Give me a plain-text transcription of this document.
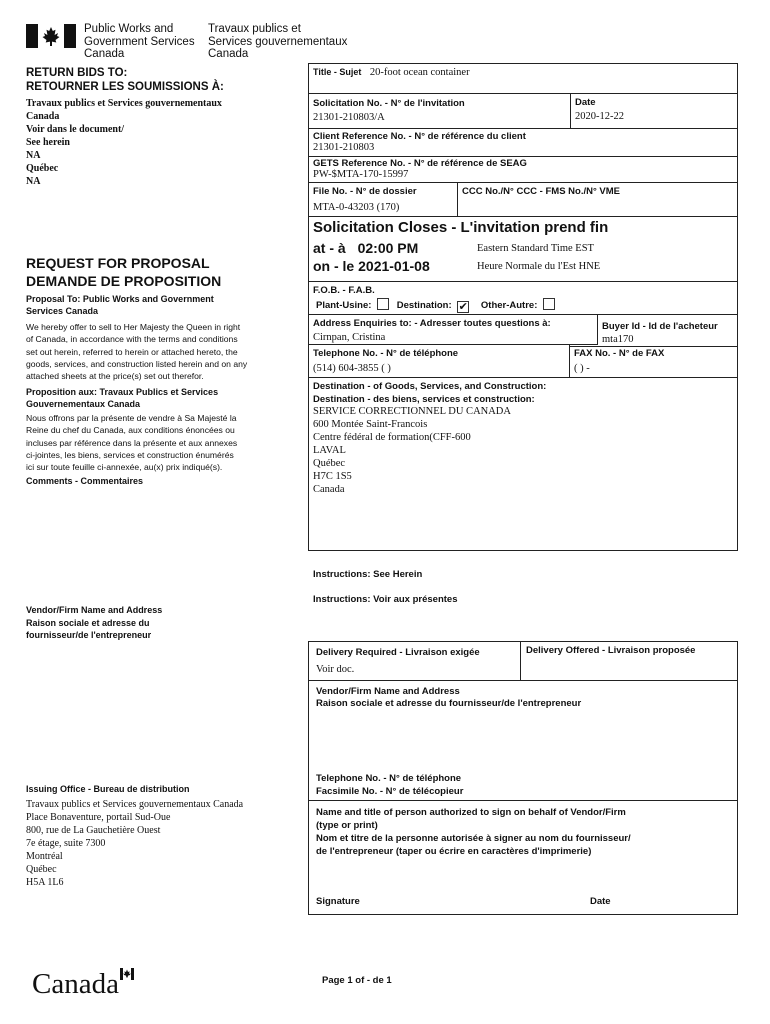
Public Works and
Government Services
Canada
Travaux publics et
Services gouvernementaux
Canada
RETURN BIDS TO:
RETOURNER LES SOUMISSIONS À:
Travaux publics et Services gouvernementaux
Canada
Voir dans le document/
See herein
NA
Québec
NA
REQUEST FOR PROPOSAL
DEMANDE DE PROPOSITION
Proposal To: Public Works and Government
Services Canada
We hereby offer to sell to Her Majesty the Queen in right
of Canada, in accordance with the terms and conditions
set out herein, referred to herein or attached hereto, the
goods, services, and construction listed herein and on any
attached sheets at the price(s) set out therefor.
Proposition aux: Travaux Publics et Services
Gouvernementaux Canada
Nous offrons par la présente de vendre à Sa Majesté la
Reine du chef du Canada, aux conditions énoncées ou
incluses par référence dans la présente et aux annexes
ci-jointes, les biens, services et construction énumérés
ici sur toute feuille ci-annexée, au(x) prix indiqué(s).
Comments - Commentaires
Vendor/Firm Name and Address
Raison sociale et adresse du
fournisseur/de l'entrepreneur
Issuing Office - Bureau de distribution
Travaux publics et Services gouvernementaux Canada
Place Bonaventure, portail Sud-Oue
800, rue de La Gauchetière Ouest
7e étage, suite 7300
Montréal
Québec
H5A 1L6
Title - Sujet 20-foot ocean container
Solicitation No. - N° de l'invitation
21301-210803/A
Date
2020-12-22
Client Reference No. - N° de référence du client
21301-210803
GETS Reference No. - N° de référence de SEAG
PW-$MTA-170-15997
File No. - N° de dossier
MTA-0-43203 (170)
CCC No./N° CCC - FMS No./N° VME
Solicitation Closes - L'invitation prend fin
at - à 02:00 PM
on - le 2021-01-08
Eastern Standard Time EST
Heure Normale du l'Est HNE
F.O.B. - F.A.B.
Plant-Usine:	Destination: ✔ Other-Autre:
Address Enquiries to: - Adresser toutes questions à:
Cirnpan, Cristina
Buyer Id - Id de l'acheteur
mta170
Telephone No. - N° de téléphone
(514) 604-3855 ( )
FAX No. - N° de FAX
( ) -
Destination - of Goods, Services, and Construction:
Destination - des biens, services et construction:
SERVICE CORRECTIONNEL DU CANADA
600 Montée Saint-Francois
Centre fédéral de formation(CFF-600
LAVAL
Québec
H7C 1S5
Canada
Instructions: See Herein
Instructions: Voir aux présentes
Delivery Required - Livraison exigée
Voir doc.
Delivery Offered - Livraison proposée
Vendor/Firm Name and Address
Raison sociale et adresse du fournisseur/de l'entrepreneur
Telephone No. - N° de téléphone
Facsimile No. - N° de télécopieur
Name and title of person authorized to sign on behalf of Vendor/Firm
(type or print)
Nom et titre de la personne autorisée à signer au nom du fournisseur/
de l'entrepreneur (taper ou écrire en caractères d'imprimerie)
Signature	Date
Canada	Page 1 of - de 1
